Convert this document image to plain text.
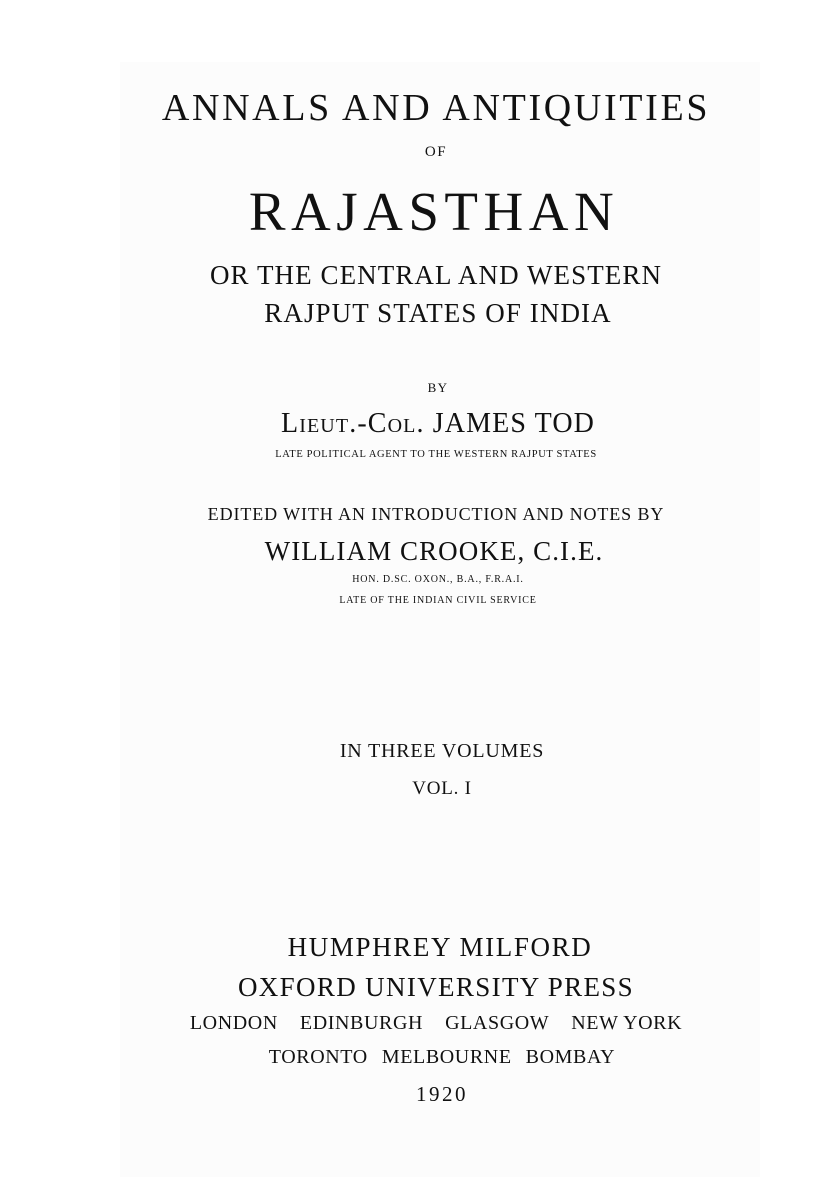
ANNALS AND ANTIQUITIES
OF
RAJASTHAN
OR THE CENTRAL AND WESTERN
RAJPUT STATES OF INDIA
BY
Lieut.-Col. JAMES TOD
LATE POLITICAL AGENT TO THE WESTERN RAJPUT STATES
EDITED WITH AN INTRODUCTION AND NOTES BY
WILLIAM CROOKE, C.I.E.
HON. D.SC. OXON., B.A., F.R.A.I.
LATE OF THE INDIAN CIVIL SERVICE
IN THREE VOLUMES
VOL. I
HUMPHREY MILFORD
OXFORD UNIVERSITY PRESS
LONDON EDINBURGH GLASGOW NEW YORK
TORONTO MELBOURNE BOMBAY
1920
